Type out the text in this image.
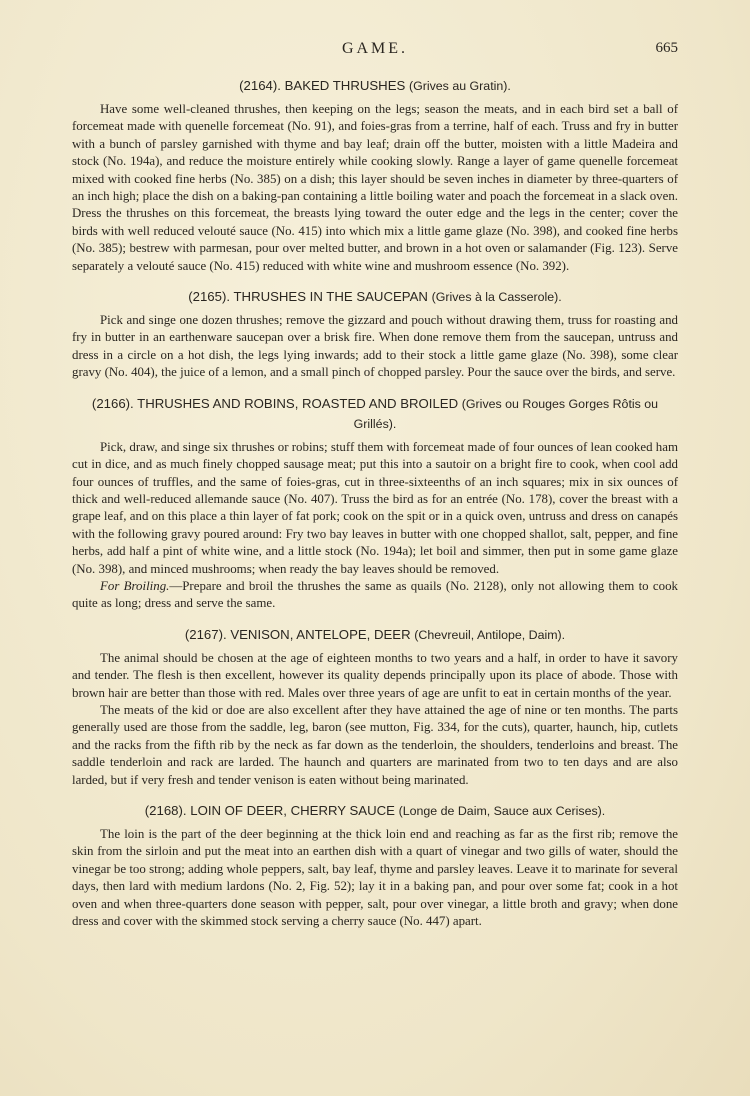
GAME.	665
(2164). BAKED THRUSHES (Grives au Gratin).

Have some well-cleaned thrushes, then keeping on the legs; season the meats, and in each bird set a ball of forcemeat made with quenelle forcemeat (No. 91), and foies-gras from a terrine, half of each. Truss and fry in butter with a bunch of parsley garnished with thyme and bay leaf; drain off the butter, moisten with a little Madeira and stock (No. 194a), and reduce the moisture entirely while cooking slowly. Range a layer of game quenelle forcemeat mixed with cooked fine herbs (No. 385) on a dish; this layer should be seven inches in diameter by three-quarters of an inch high; place the dish on a baking-pan containing a little boiling water and poach the forcemeat in a slack oven. Dress the thrushes on this forcemeat, the breasts lying toward the outer edge and the legs in the center; cover the birds with well reduced velouté sauce (No. 415) into which mix a little game glaze (No. 398), and cooked fine herbs (No. 385); bestrew with parmesan, pour over melted butter, and brown in a hot oven or salamander (Fig. 123). Serve separately a velouté sauce (No. 415) reduced with white wine and mushroom essence (No. 392).

(2165). THRUSHES IN THE SAUCEPAN (Grives à la Casserole).

Pick and singe one dozen thrushes; remove the gizzard and pouch without drawing them, truss for roasting and fry in butter in an earthenware saucepan over a brisk fire. When done remove them from the saucepan, untruss and dress in a circle on a hot dish, the legs lying inwards; add to their stock a little game glaze (No. 398), some clear gravy (No. 404), the juice of a lemon, and a small pinch of chopped parsley. Pour the sauce over the birds, and serve.

(2166). THRUSHES AND ROBINS, ROASTED AND BROILED (Grives ou Rouges Gorges Rôtis ou Grillés).

Pick, draw, and singe six thrushes or robins; stuff them with forcemeat made of four ounces of lean cooked ham cut in dice, and as much finely chopped sausage meat; put this into a sautoir on a bright fire to cook, when cool add four ounces of truffles, and the same of foies-gras, cut in three-sixteenths of an inch squares; mix in six ounces of thick and well-reduced allemande sauce (No. 407). Truss the bird as for an entrée (No. 178), cover the breast with a grape leaf, and on this place a thin layer of fat pork; cook on the spit or in a quick oven, untruss and dress on canapés with the following gravy poured around: Fry two bay leaves in butter with one chopped shallot, salt, pepper, and fine herbs, add half a pint of white wine, and a little stock (No. 194a); let boil and simmer, then put in some game glaze (No. 398), and minced mushrooms; when ready the bay leaves should be removed.

For Broiling.—Prepare and broil the thrushes the same as quails (No. 2128), only not allowing them to cook quite as long; dress and serve the same.

(2167). VENISON, ANTELOPE, DEER (Chevreuil, Antilope, Daim).

The animal should be chosen at the age of eighteen months to two years and a half, in order to have it savory and tender. The flesh is then excellent, however its quality depends principally upon its place of abode. Those with brown hair are better than those with red. Males over three years of age are unfit to eat in certain months of the year.

The meats of the kid or doe are also excellent after they have attained the age of nine or ten months. The parts generally used are those from the saddle, leg, baron (see mutton, Fig. 334, for the cuts), quarter, haunch, hip, cutlets and the racks from the fifth rib by the neck as far down as the tenderloin, the shoulders, tenderloins and breast. The saddle tenderloin and rack are larded. The haunch and quarters are marinated from two to ten days and are also larded, but if very fresh and tender venison is eaten without being marinated.

(2168). LOIN OF DEER, CHERRY SAUCE (Longe de Daim, Sauce aux Cerises).

The loin is the part of the deer beginning at the thick loin end and reaching as far as the first rib; remove the skin from the sirloin and put the meat into an earthen dish with a quart of vinegar and two gills of water, should the vinegar be too strong; adding whole peppers, salt, bay leaf, thyme and parsley leaves. Leave it to marinate for several days, then lard with medium lardons (No. 2, Fig. 52); lay it in a baking pan, and pour over some fat; cook in a hot oven and when three-quarters done season with pepper, salt, pour over vinegar, a little broth and gravy; when done dress and cover with the skimmed stock serving a cherry sauce (No. 447) apart.
